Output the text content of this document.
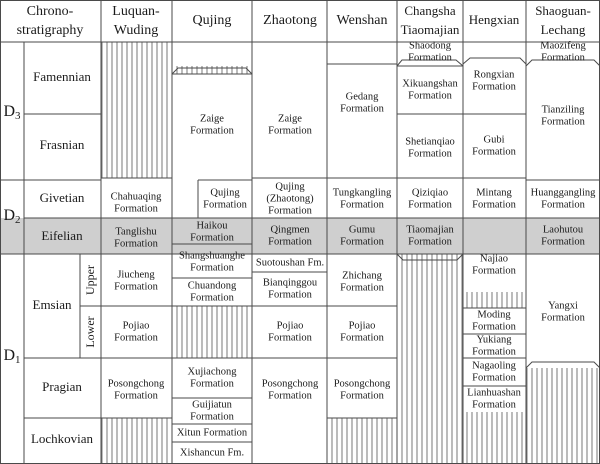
Chrono-
stratigraphy
Luquan-
Wuding
Qujing Zhaotong Wenshan
Changsha
Tiaomajian
Hengxian
Shaoguan-
Lechang
$D_3$
$D_2$
$D_1$
Famennian
Frasnian
Givetian
Eifelian
Emsian
Upper
Lower
Pragian
Lochkovian
Chahuaqing
Formation
Tanglishu
Formation
Jiucheng
Formation
Pojiao
Formation
Posongchong
Formation
Zaige
Formation
Qujing
Formation
Haikou
Formation
Shangshuanghe
Formation
Chuandong
Formation
Xujiachong
Formation
Guijiatun
Formation
Xitun Formation
Xishancun Fm.
Zaige
Formation
Qujing
(Zhaotong)
Formation
Qingmen
Formation
Suotoushan Fm.
Bianqinggou
Formation
Pojiao
Formation
Posongchong
Formation
Gedang
Formation
Tungkangling
Formation
Gumu
Formation
Zhichang
Formation
Pojiao
Formation
Posongchong
Formation
Shaodong
Formation
Xikuangshan
Formation
Shetianqiao
Formation
Qiziqiao
Formation
Tiaomajian
Formation
Rongxian
Formation
Gubi
Formation
Mintang
Formation
Najiao
Formation
Moding
Formation
Yukiang
Formation
Nagaoling
Formation
Lianhuashan
Formation
Maozifeng
Formation
Tianziling
Formation
Huanggangling
Formation
Laohutou
Formation
Yangxi
Formation
